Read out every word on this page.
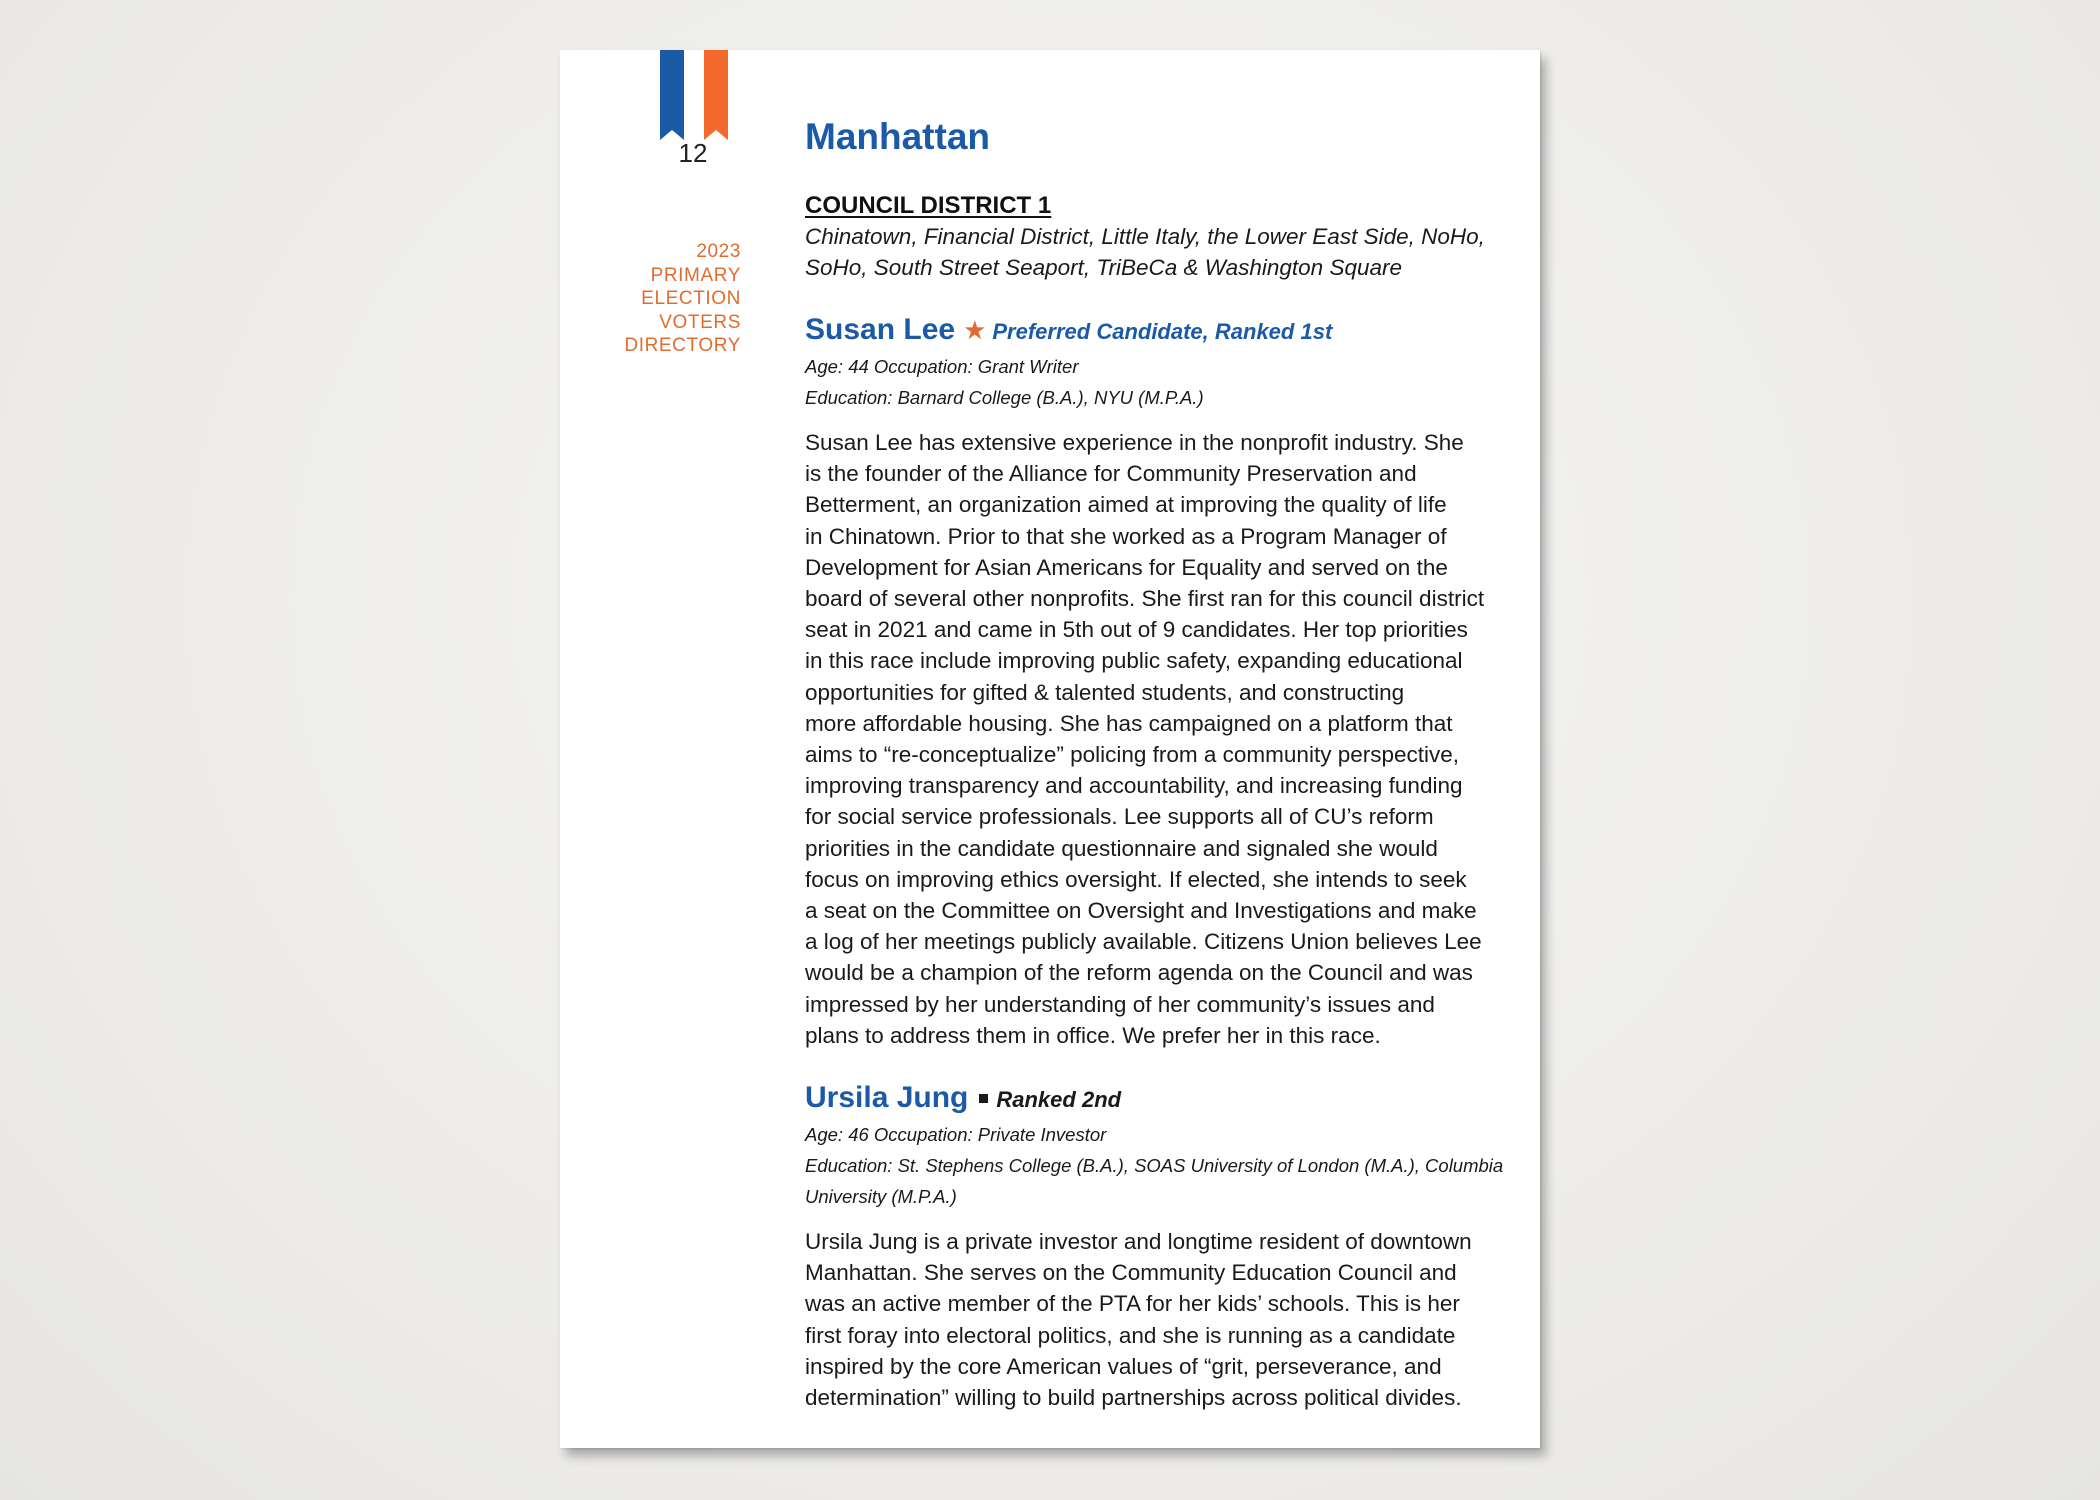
12
2023
PRIMARY
ELECTION
VOTERS
DIRECTORY
Manhattan
COUNCIL DISTRICT 1
Chinatown, Financial District, Little Italy, the Lower East Side, NoHo,
SoHo, South Street Seaport, TriBeCa & Washington Square
Susan Lee ★ Preferred Candidate, Ranked 1st
Age: 44 Occupation: Grant Writer
Education: Barnard College (B.A.), NYU (M.P.A.)
Susan Lee has extensive experience in the nonprofit industry. She
is the founder of the Alliance for Community Preservation and
Betterment, an organization aimed at improving the quality of life
in Chinatown. Prior to that she worked as a Program Manager of
Development for Asian Americans for Equality and served on the
board of several other nonprofits. She first ran for this council district
seat in 2021 and came in 5th out of 9 candidates. Her top priorities
in this race include improving public safety, expanding educational
opportunities for gifted & talented students, and constructing
more affordable housing. She has campaigned on a platform that
aims to “re-conceptualize” policing from a community perspective,
improving transparency and accountability, and increasing funding
for social service professionals. Lee supports all of CU’s reform
priorities in the candidate questionnaire and signaled she would
focus on improving ethics oversight. If elected, she intends to seek
a seat on the Committee on Oversight and Investigations and make
a log of her meetings publicly available. Citizens Union believes Lee
would be a champion of the reform agenda on the Council and was
impressed by her understanding of her community’s issues and
plans to address them in office. We prefer her in this race.
Ursila Jung Ranked 2nd
Age: 46 Occupation: Private Investor
Education: St. Stephens College (B.A.), SOAS University of London (M.A.), Columbia
University (M.P.A.)
Ursila Jung is a private investor and longtime resident of downtown
Manhattan. She serves on the Community Education Council and
was an active member of the PTA for her kids’ schools. This is her
first foray into electoral politics, and she is running as a candidate
inspired by the core American values of “grit, perseverance, and
determination” willing to build partnerships across political divides.
